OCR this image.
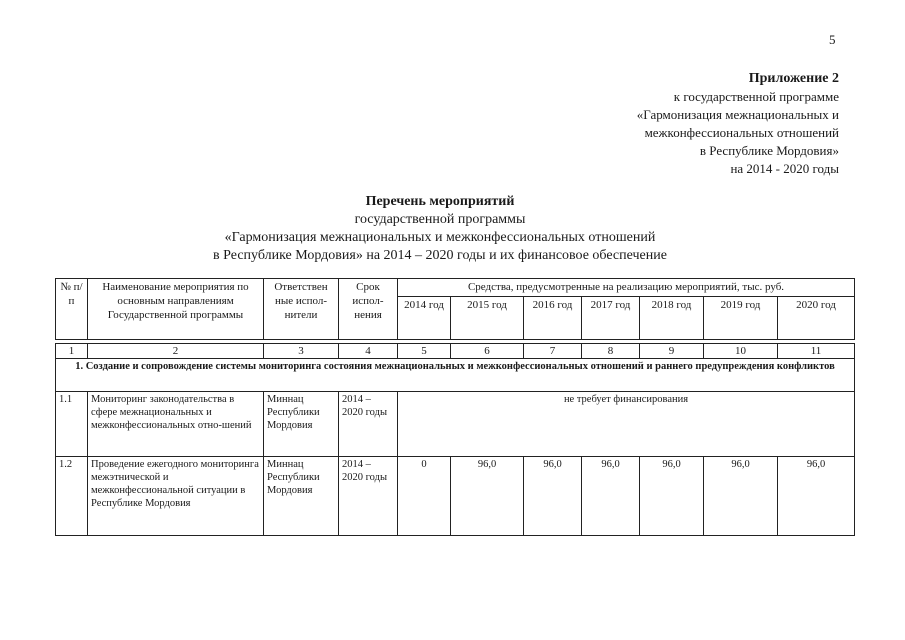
5
Приложение 2
к государственной программе
«Гармонизация межнациональных и
межконфессиональных отношений
в Республике Мордовия»
на 2014 - 2020 годы
Перечень мероприятий
государственной программы
«Гармонизация межнациональных и межконфессиональных отношений
в Республике Мордовия» на 2014 – 2020 годы и их финансовое обеспечение
№ п/п	Наименование мероприятия по основным направлениям Государственной программы	Ответствен ные испол-нители	Срок испол-нения	Средства, предусмотренные на реализацию мероприятий, тыс. руб.						
				2014 год	2015 год	2016 год	2017 год	2018 год	2019 год	2020 год

1	2	3	4	5	6	7	8	9	10	11
1. Создание и сопровождение системы мониторинга состояния межнациональных и межконфессиональных отношений и раннего предупреждения конфликтов										
1.1	Мониторинг законодательства в сфере межнациональных и межконфессиональных отно-шений	Миннац Республики Мордовия	2014 – 2020 годы	не требует финансирования						
1.2	Проведение ежегодного мониторинга межэтнической и межконфессиональной ситуации в Республике Мордовия	Миннац Республики Мордовия	2014 – 2020 годы	0	96,0	96,0	96,0	96,0	96,0	96,0
